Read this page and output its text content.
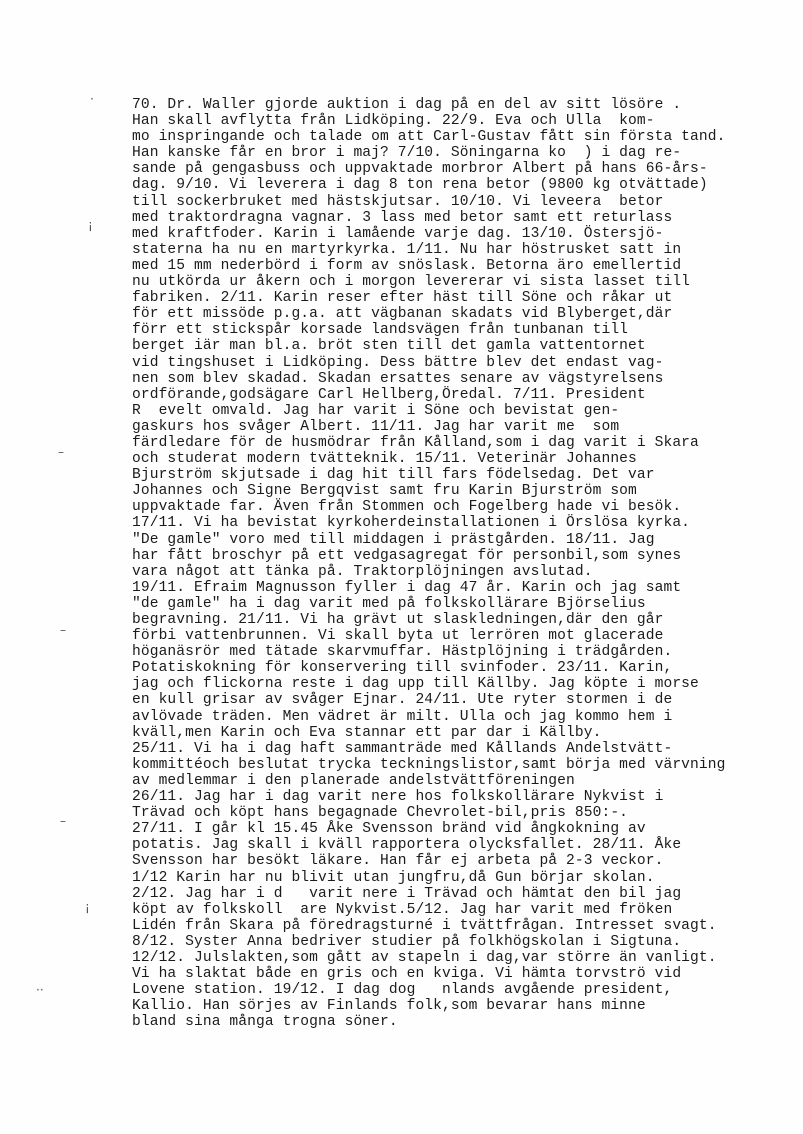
·
¡
–
–
–
¡
··
70. Dr. Waller gjorde auktion i dag på en del av sitt lösöre .
Han skall avflytta från Lidköping. 22/9. Eva och Ulla  kom-
mo inspringande och talade om att Carl-Gustav fått sin första tand.
Han kanske får en bror i maj? 7/10. Söningarna ko  ) i dag re-
sande på gengasbuss och uppvaktade morbror Albert på hans 66-års-
dag. 9/10. Vi levererа i dag 8 ton rena betor (9800 kg otvättade)
till sockerbruket med hästskjutsar. 10/10. Vi leveera  betor
med traktordragna vagnar. 3 lass med betor samt ett returlass
med kraftfoder. Karin i lamående varje dag. 13/10. Östersjö-
staterna ha nu en martyrkyrka. 1/11. Nu har höstrusket satt in
med 15 mm nederbörd i form av snöslask. Betorna äro emellertid
nu utkörda ur åkern och i morgon levererar vi sista lasset till
fabriken. 2/11. Karin reser efter häst till Söne och råkar ut
för ett missöde p.g.a. att vägbanan skadats vid Blyberget,där
förr ett stickspår korsade landsvägen från tunbanan till
berget iär man bl.a. bröt sten till det gamla vattentornet
vid tingshuset i Lidköping. Dess bättre blev det endast vag-
nen som blev skadad. Skadan ersattes senare av vägstyrelsens
ordförande,godsägare Carl Hellberg,Öredal. 7/11. President
R  evelt omvald. Jag har varit i Söne och bevistat gen-
gaskurs hos svåger Albert. 11/11. Jag har varit me  som
färdledare för de husmödrar från Kålland,som i dag varit i Skara
och studerat modern tvätteknik. 15/11. Veterinär Johannes
Bjurström skjutsade i dag hit till fars födelsedag. Det var
Johannes och Signe Bergqvist samt fru Karin Bjurström som
uppvaktade far. Även från Stommen och Fogelberg hade vi besök.
17/11. Vi ha bevistat kyrkoherdeinstallationen i Örslösa kyrka.
"De gamle" voro med till middagen i prästgården. 18/11. Jag
har fått broschyr på ett vedgasagregat för personbil,som synes
vara något att tänka på. Traktorplöjningen avslutad.
19/11. Efraim Magnusson fyller i dag 47 år. Karin och jag samt
"de gamle" ha i dag varit med på folkskollärare Björselius
begravning. 21/11. Vi ha grävt ut slaskledningen,där den går
förbi vattenbrunnen. Vi skall byta ut lerrören mot glacerade
höganäsrör med tätade skarvmuffar. Hästplöjning i trädgården.
Potatiskokning för konservering till svinfoder. 23/11. Karin,
jag och flickorna reste i dag upp till Källby. Jag köpte i morse
en kull grisar av svåger Ejnar. 24/11. Ute ryter stormen i de
avlövade träden. Men vädret är milt. Ulla och jag kommo hem i
kväll,men Karin och Eva stannar ett par dar i Källby.
25/11. Vi ha i dag haft sammanträde med Kållands Andelstvätt-
kommittéoch beslutat trycka teckningslistor,samt börja med värvning
av medlemmar i den planerade andelstvättföreningen
26/11. Jag har i dag varit nere hos folkskollärare Nykvist i
Trävad och köpt hans begagnade Chevrolet-bil,pris 850:-.
27/11. I går kl 15.45 Åke Svensson bränd vid ångkokning av
potatis. Jag skall i kväll rapportera olycksfallet. 28/11. Åke
Svensson har besökt läkare. Han får ej arbeta på 2-3 veckor.
1/12 Karin har nu blivit utan jungfru,då Gun börjar skolan.
2/12. Jag har i d   varit nere i Trävad och hämtat den bil jag
köpt av folkskoll  are Nykvist.5/12. Jag har varit med fröken
Lidén från Skara på föredragsturné i tvättfrågan. Intresset svagt.
8/12. Syster Anna bedriver studier på folkhögskolan i Sigtuna.
12/12. Julslakten,som gått av stapeln i dag,var större än vanligt.
Vi ha slaktat både en gris och en kviga. Vi hämta torvströ vid
Lovene station. 19/12. I dag dog   nlands avgående president,
Kallio. Han sörjes av Finlands folk,som bevarar hans minne
bland sina många trogna söner.
